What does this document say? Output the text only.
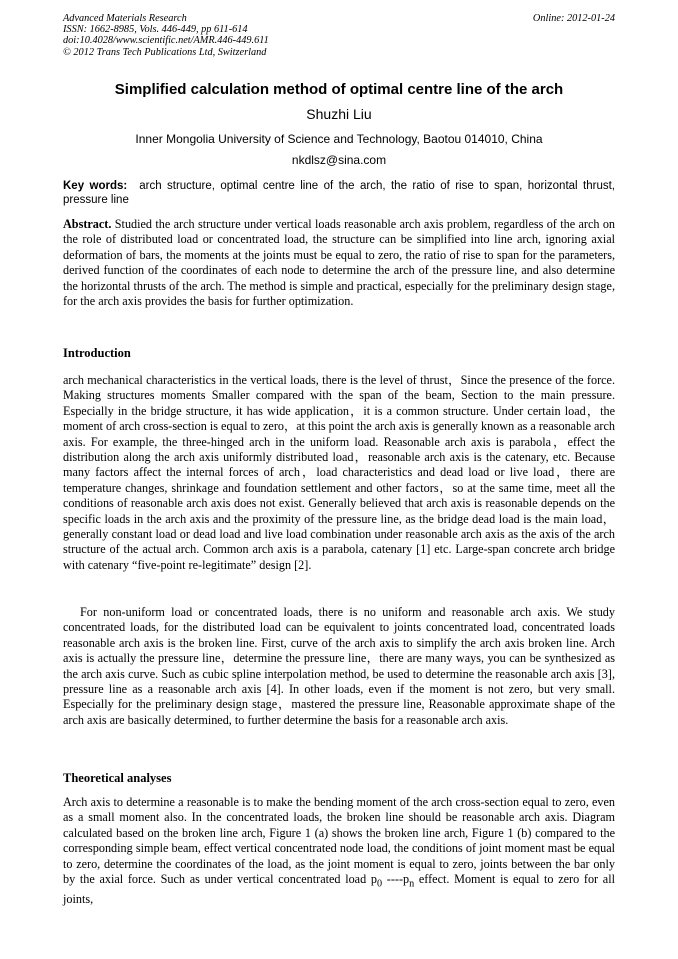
Advanced Materials Research
ISSN: 1662-8985, Vols. 446-449, pp 611-614
doi:10.4028/www.scientific.net/AMR.446-449.611
© 2012 Trans Tech Publications Ltd, Switzerland
Online: 2012-01-24
Simplified calculation method of optimal centre line of the arch
Shuzhi Liu
Inner Mongolia University of Science and Technology, Baotou 014010, China
nkdlsz@sina.com
Key words: arch structure, optimal centre line of the arch, the ratio of rise to span, horizontal thrust, pressure line

Abstract. Studied the arch structure under vertical loads reasonable arch axis problem, regardless of the arch on the role of distributed load or concentrated load, the structure can be simplified into line arch, ignoring axial deformation of bars, the moments at the joints must be equal to zero, the ratio of rise to span for the parameters, derived function of the coordinates of each node to determine the arch of the pressure line, and also determine the horizontal thrusts of the arch. The method is simple and practical, especially for the preliminary design stage, for the arch axis provides the basis for further optimization.

Introduction

arch mechanical characteristics in the vertical loads, there is the level of thrust，Since the presence of the force. Making structures moments Smaller compared with the span of the beam, Section to the main pressure. Especially in the bridge structure, it has wide application，it is a common structure. Under certain load，the moment of arch cross-section is equal to zero，at this point the arch axis is generally known as a reasonable arch axis. For example, the three-hinged arch in the uniform load. Reasonable arch axis is parabola，effect the distribution along the arch axis uniformly distributed load，reasonable arch axis is the catenary, etc. Because many factors affect the internal forces of arch，load characteristics and dead load or live load，there are temperature changes, shrinkage and foundation settlement and other factors，so at the same time, meet all the conditions of reasonable arch axis does not exist. Generally believed that arch axis is reasonable depends on the specific loads in the arch axis and the proximity of the pressure line, as the bridge dead load is the main load，generally constant load or dead load and live load combination under reasonable arch axis as the axis of the arch structure of the actual arch. Common arch axis is a parabola, catenary [1] etc. Large-span concrete arch bridge with catenary “five-point re-legitimate” design [2].

For non-uniform load or concentrated loads, there is no uniform and reasonable arch axis. We study concentrated loads, for the distributed load can be equivalent to joints concentrated load, concentrated loads reasonable arch axis is the broken line. First, curve of the arch axis to simplify the arch axis broken line. Arch axis is actually the pressure line，determine the pressure line，there are many ways, you can be synthesized as the arch axis curve. Such as cubic spline interpolation method, be used to determine the reasonable arch axis [3], pressure line as a reasonable arch axis [4]. In other loads, even if the moment is not zero, but very small. Especially for the preliminary design stage，mastered the pressure line, Reasonable approximate shape of the arch axis are basically determined, to further determine the basis for a reasonable arch axis.

Theoretical analyses

Arch axis to determine a reasonable is to make the bending moment of the arch cross-section equal to zero, even as a small moment also. In the concentrated loads, the broken line should be reasonable arch axis. Diagram calculated based on the broken line arch, Figure 1 (a) shows the broken line arch, Figure 1 (b) compared to the corresponding simple beam, effect vertical concentrated node load, the conditions of joint moment mast be equal to zero, determine the coordinates of the load, as the joint moment is equal to zero, joints between the bar only by the axial force. Such as under vertical concentrated load $p_0$ $----p_n$ effect. Moment is equal to zero for all joints,
